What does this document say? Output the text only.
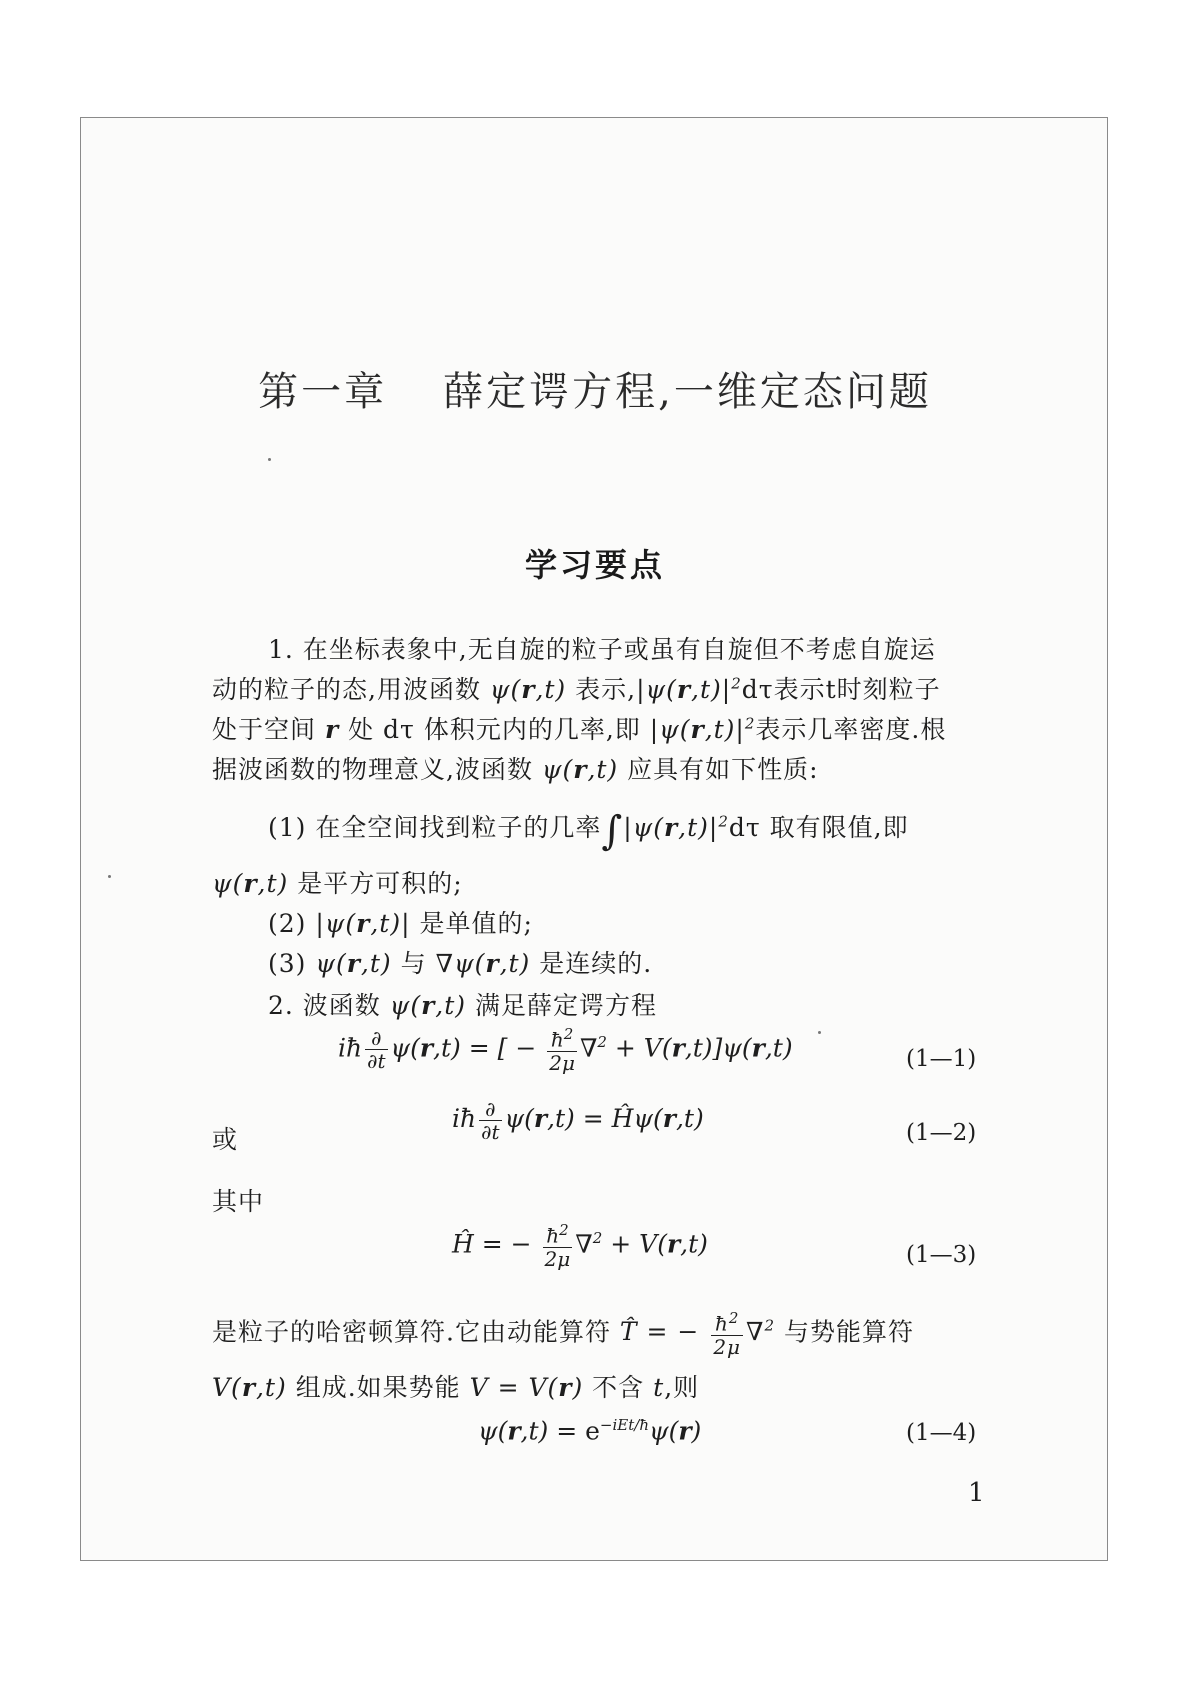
第一章 薛定谔方程,一维定态问题
学习要点
1. 在坐标表象中,无自旋的粒子或虽有自旋但不考虑自旋运
动的粒子的态,用波函数 ψ(r,t) 表示$,|\psi(r,t)|^2d\tau$表示t时刻粒子
处于空间 r 处 dτ 体积元内的几率,即 $|\psi(r,t)|^2$表示几率密度.根
据波函数的物理意义,波函数 ψ(r,t) 应具有如下性质:
(1) 在全空间找到粒子的几率$\int|\psi(r,t)|^2d\tau$ 取有限值,即
ψ(r,t) 是平方可积的;
(2) |ψ(r,t)| 是单值的;
(3) ψ(r,t) 与 ∇ψ(r,t) 是连续的.
2. 波函数 ψ(r,t) 满足薛定谔方程
iħ $\frac{\partial}{\partial t} \psi(r,t)$ = [ − $\frac{ħ^2}{2\mu} \nabla^2 + V(r,t)]\psi(r,t)$	(1—1)
或
iħ $\frac{\partial}{\partial t} \psi(r,t)$ = Ĥψ(r,t)	(1—2)
其中
Ĥ = − $\frac{ħ^2}{2\mu} \nabla^2 + V(r,t)$	(1—3)
是粒子的哈密顿算符.它由动能算符 T̂ = − $\frac{ħ^2}{2\mu} \nabla^2$ 与势能算符
V(r,t) 组成.如果势能 V = V(r) 不含 t,则
$\psi(r,t) = e^{-iEt/ħ}\psi(r)$	(1—4)
1
